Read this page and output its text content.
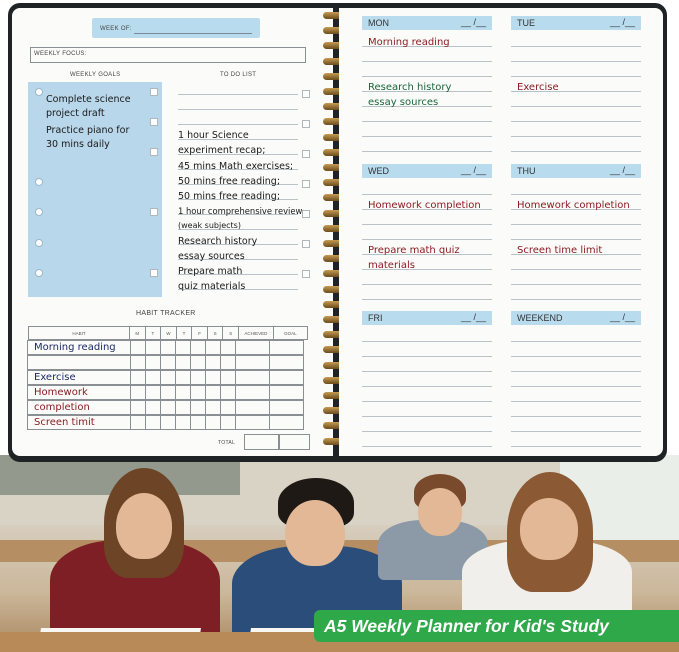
WEEK OF:
WEEKLY FOCUS:
WEEKLY GOALS	TO DO LIST
Complete science
project draft
Practice piano for
30 mins daily
1 hour Science
experiment recap;
45 mins Math exercises;
50 mins free reading;
50 mins free reading;
1 hour comprehensive review
(weak subjects)
Research history
essay sources
Prepare math
quiz materials
HABIT TRACKER
HABIT	M	T	W	T	F	S	S	ACHIEVED	GOAL
Morning reading
Exercise
Homework
completion
Screen timit
TOTAL
MON	__ /__
Morning reading
Research history
essay sources
TUE	__ /__
Exercise
WED	__ /__
Homework completion
Prepare math quiz
materials
THU	__ /__
Homework completion
Screen time limit
FRI	__ /__	WEEKEND	__ /__
A5 Weekly Planner for Kid's Study
